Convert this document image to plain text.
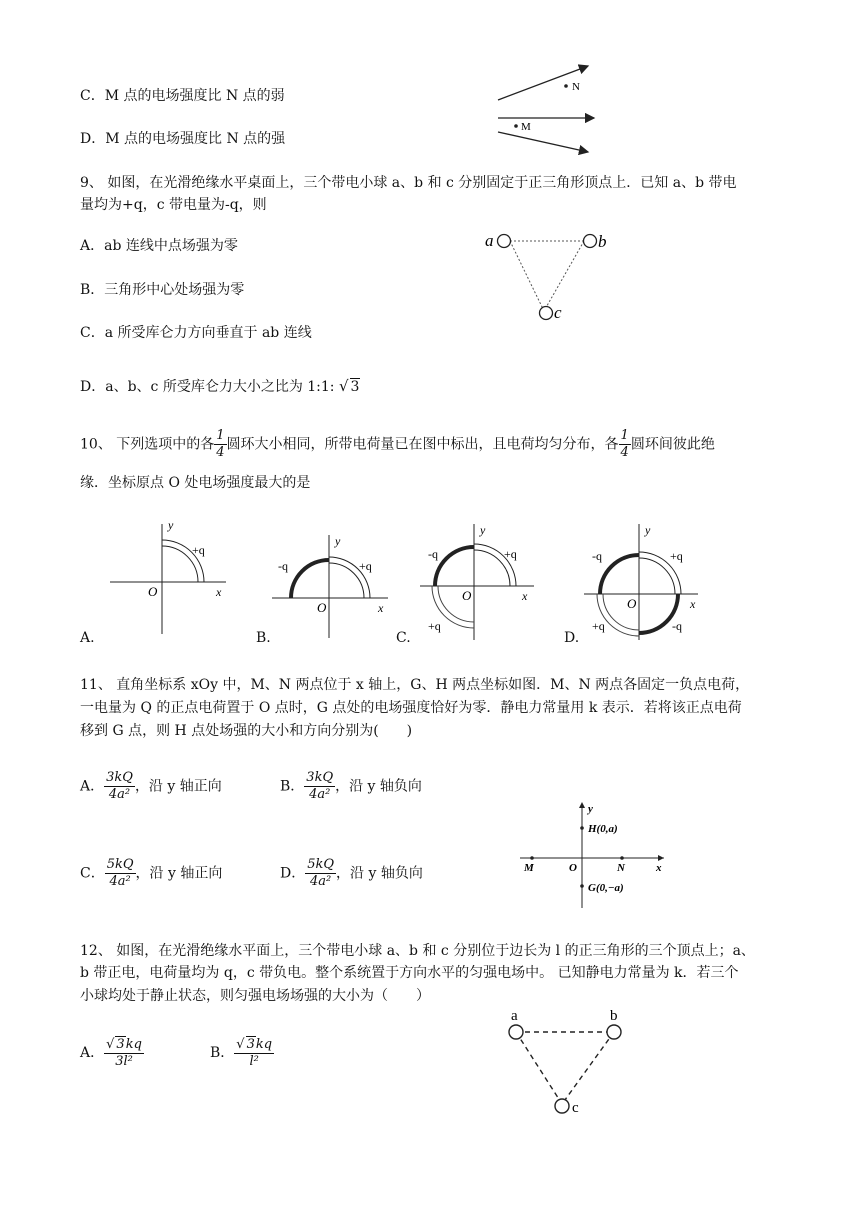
C．M 点的电场强度比 N 点的弱
D．M 点的电场强度比 N 点的强
N
M
9、 如图，在光滑绝缘水平桌面上，三个带电小球 a、b 和 c 分别固定于正三角形顶点上．已知 a、b 带电
量均为+q，c 带电量为-q，则
A．ab 连线中点场强为零
B．三角形中心处场强为零
C．a 所受库仑力方向垂直于 ab 连线
D．a、b、c 所受库仑力大小之比为 1:1: √ 3
a	b
c
10、 下列选项中的各 $\frac{1}{4}$ 圆环大小相同，所带电荷量已在图中标出，且电荷均匀分布，各 $\frac{1}{4}$ 圆环间彼此绝
缘．坐标原点 O 处电场强度最大的是
y
x
O
+q
A.
y
x
O
-q	+q
B.
y
x
O
-q	+q
+q
C.
y
x
O
-q	+q
+q	-q
D.
11、 直角坐标系 xOy 中，M、N 两点位于 x 轴上，G、H 两点坐标如图．M、N 两点各固定一负点电荷，
一电量为 Q 的正点电荷置于 O 点时，G 点处的电场强度恰好为零．静电力常量用 k 表示．若将该正点电荷
移到 G 点，则 H 点处场强的大小和方向分别为(　　)
A． $\frac{3kQ}{\text{4a²}}$ ，沿 y 轴正向	B． $\frac{3kQ}{\text{4a²}}$ ，沿 y 轴负向
C． $\frac{5kQ}{\text{4a²}}$ ，沿 y 轴正向	D． $\frac{5kQ}{\text{4a²}}$ ，沿 y 轴负向
y
x
H(0,a)
G(0,−a)
M	N
O
12、 如图，在光滑绝缘水平面上，三个带电小球 a、b 和 c 分别位于边长为 l 的正三角形的三个顶点上；a、
b 带正电，电荷量均为 q，c 带负电。整个系统置于方向水平的匀强电场中。 已知静电力常量为 k．若三个
小球均处于静止状态，则匀强电场场强的大小为（　　）
A． $\frac{√ 3kq}{\text{3l²}}$	B． $\frac{√ 3kq}{\text{l²}}$
a	b
c
